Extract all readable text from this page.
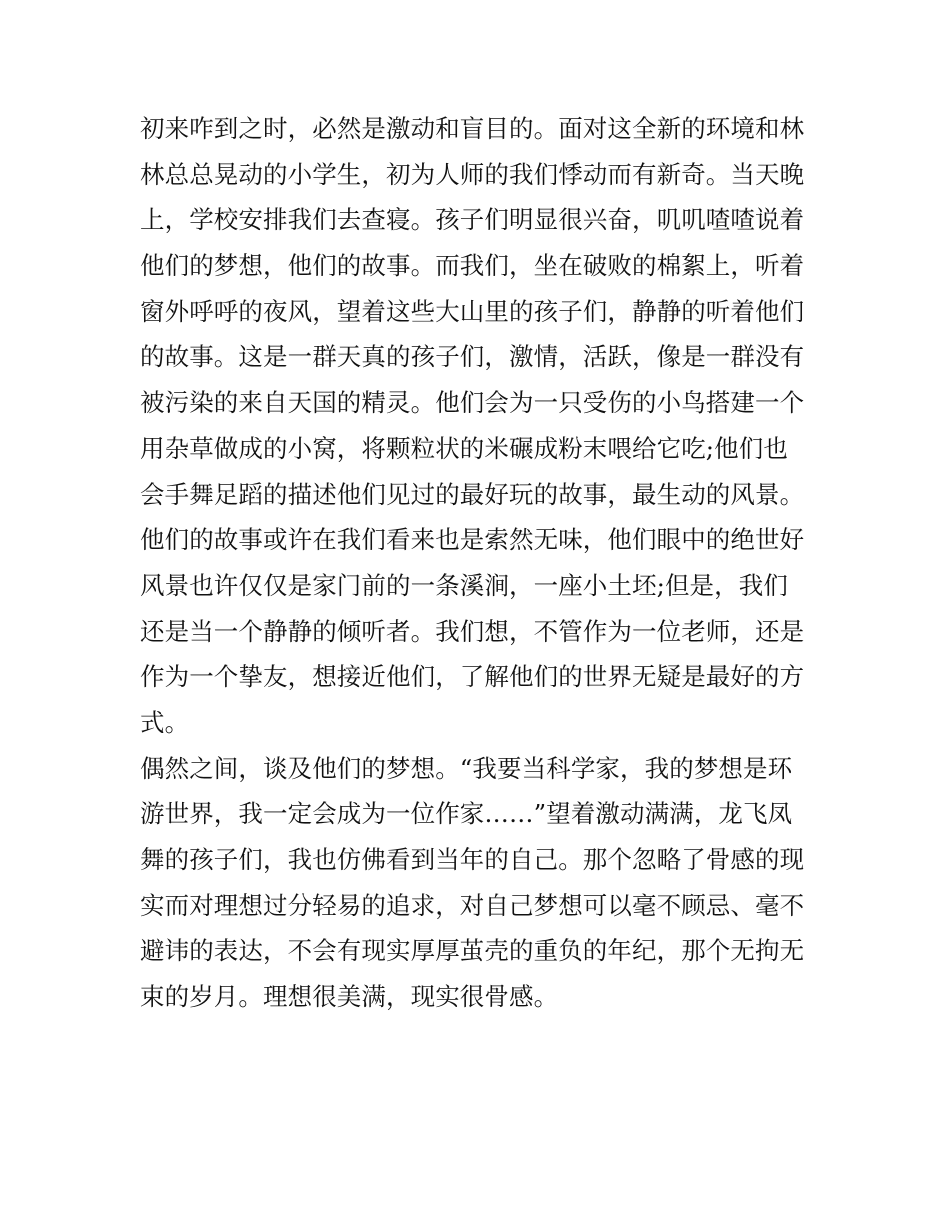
初来咋到之时，必然是激动和盲目的。面对这全新的环境和林
林总总晃动的小学生，初为人师的我们悸动而有新奇。当天晚
上，学校安排我们去查寝。孩子们明显很兴奋，叽叽喳喳说着
他们的梦想，他们的故事。而我们，坐在破败的棉絮上，听着
窗外呼呼的夜风，望着这些大山里的孩子们，静静的听着他们
的故事。这是一群天真的孩子们，激情，活跃，像是一群没有
被污染的来自天国的精灵。他们会为一只受伤的小鸟搭建一个
用杂草做成的小窝，将颗粒状的米碾成粉末喂给它吃;他们也
会手舞足蹈的描述他们见过的最好玩的故事，最生动的风景。
他们的故事或许在我们看来也是索然无味，他们眼中的绝世好
风景也许仅仅是家门前的一条溪涧，一座小土坯;但是，我们
还是当一个静静的倾听者。我们想，不管作为一位老师，还是
作为一个挚友，想接近他们，了解他们的世界无疑是最好的方
式。
偶然之间，谈及他们的梦想。“我要当科学家，我的梦想是环
游世界，我一定会成为一位作家……”望着激动满满，龙飞凤
舞的孩子们，我也仿佛看到当年的自己。那个忽略了骨感的现
实而对理想过分轻易的追求，对自己梦想可以毫不顾忌、毫不
避讳的表达，不会有现实厚厚茧壳的重负的年纪，那个无拘无
束的岁月。理想很美满，现实很骨感。
